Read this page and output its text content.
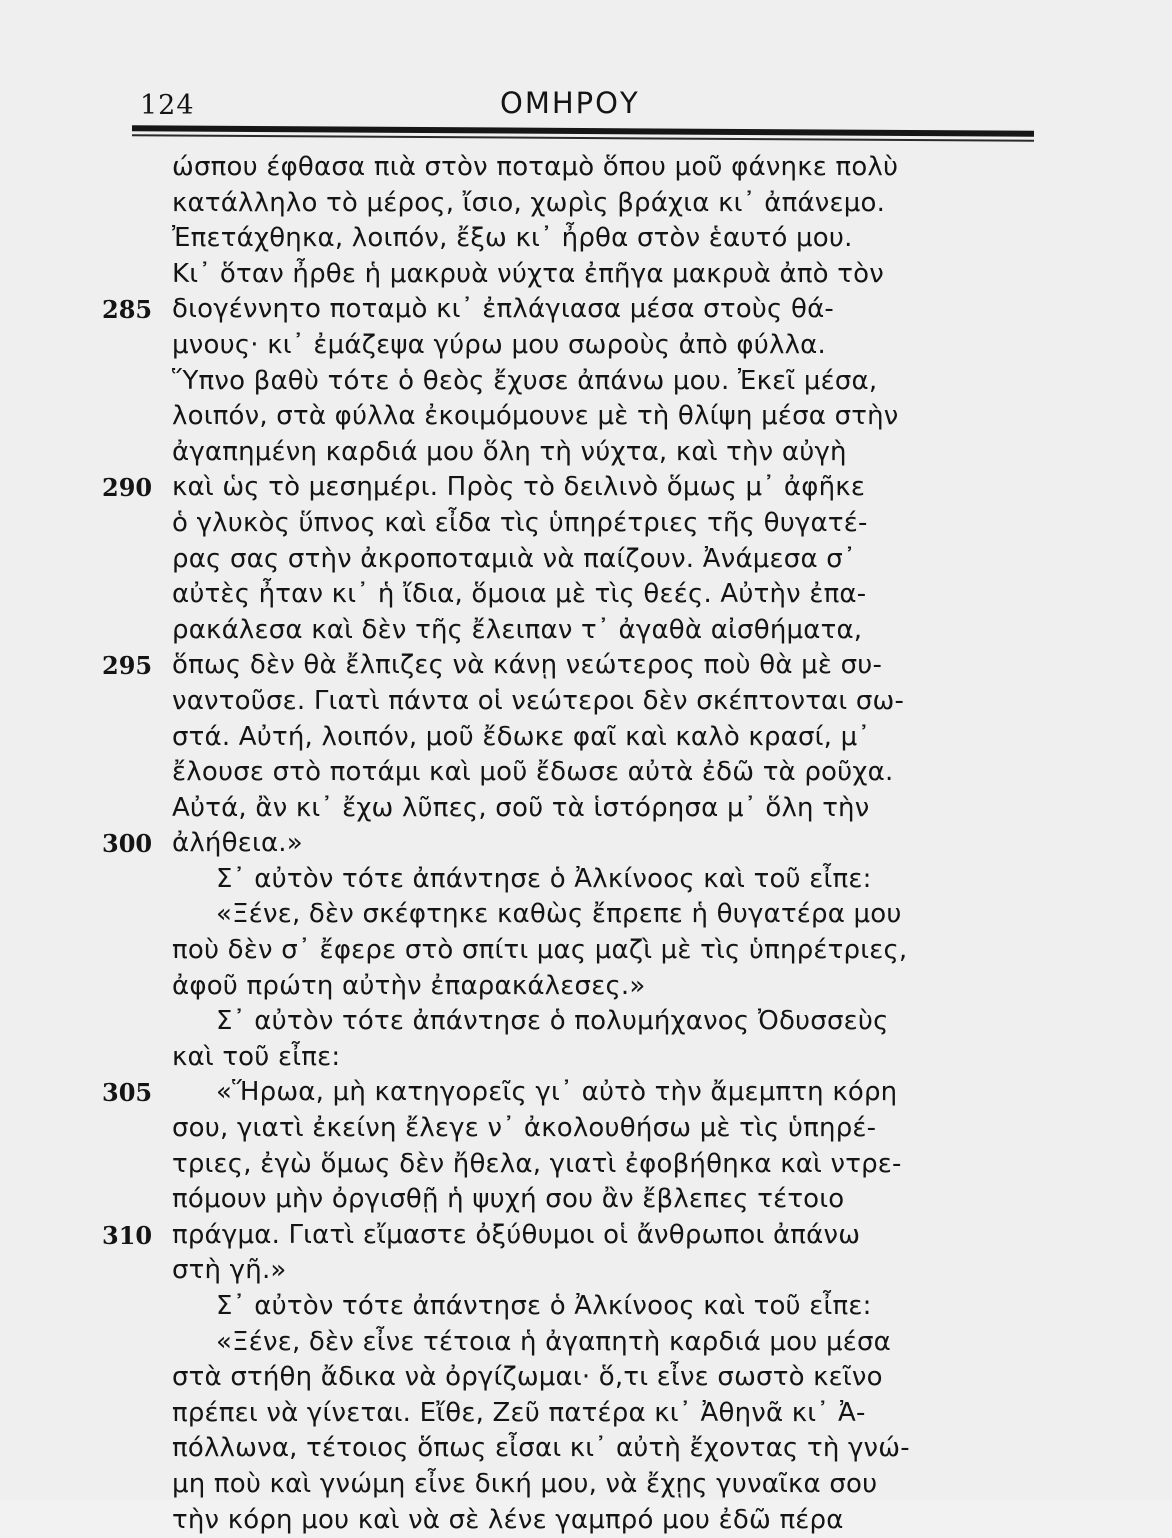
124	ΟΜΗΡΟΥ
285
290
295
300
305
310
ώσπου έφθασα πιὰ στὸν ποταμὸ ὅπου μοῦ φάνηκε πολὺ
κατάλληλο τὸ μέρος, ἴσιο, χωρὶς βράχια κι᾽ ἀπάνεμο.
Ἐπετάχθηκα, λοιπόν, ἔξω κι᾽ ἦρθα στὸν ἑαυτό μου.
Κι᾽ ὅταν ἦρθε ἡ μακρυὰ νύχτα ἐπῆγα μακρυὰ ἀπὸ τὸν
διογέννητο ποταμὸ κι᾽ ἐπλάγιασα μέσα στοὺς θά-
μνους· κι᾽ ἐμάζεψα γύρω μου σωροὺς ἀπὸ φύλλα.
Ὕπνο βαθὺ τότε ὁ θεὸς ἔχυσε ἀπάνω μου. Ἐκεῖ μέσα,
λοιπόν, στὰ φύλλα ἐκοιμόμουνε μὲ τὴ θλίψη μέσα στὴν
ἀγαπημένη καρδιά μου ὅλη τὴ νύχτα, καὶ τὴν αὐγὴ
καὶ ὡς τὸ μεσημέρι. Πρὸς τὸ δειλινὸ ὅμως μ᾽ ἀφῆκε
ὁ γλυκὸς ὕπνος καὶ εἶδα τὶς ὑπηρέτριες τῆς θυγατέ-
ρας σας στὴν ἀκροποταμιὰ νὰ παίζουν. Ἀνάμεσα σ᾽
αὐτὲς ἦταν κι᾽ ἡ ἴδια, ὅμοια μὲ τὶς θεές. Αὐτὴν ἐπα-
ρακάλεσα καὶ δὲν τῆς ἔλειπαν τ᾽ ἀγαθὰ αἰσθήματα,
ὅπως δὲν θὰ ἔλπιζες νὰ κάνῃ νεώτερος ποὺ θὰ μὲ συ-
ναντοῦσε. Γιατὶ πάντα οἱ νεώτεροι δὲν σκέπτονται σω-
στά. Αὐτή, λοιπόν, μοῦ ἔδωκε φαῖ καὶ καλὸ κρασί, μ᾽
ἔλουσε στὸ ποτάμι καὶ μοῦ ἔδωσε αὐτὰ ἐδῶ τὰ ροῦχα.
Αὐτά, ἂν κι᾽ ἔχω λῦπες, σοῦ τὰ ἱστόρησα μ᾽ ὅλη τὴν
ἀλήθεια.»
Σ᾽ αὐτὸν τότε ἀπάντησε ὁ Ἀλκίνοος καὶ τοῦ εἶπε:
«Ξένε, δὲν σκέφτηκε καθὼς ἔπρεπε ἡ θυγατέρα μου
ποὺ δὲν σ᾽ ἔφερε στὸ σπίτι μας μαζὶ μὲ τὶς ὑπηρέτριες,
ἀφοῦ πρώτη αὐτὴν ἐπαρακάλεσες.»
Σ᾽ αὐτὸν τότε ἀπάντησε ὁ πολυμήχανος Ὀδυσσεὺς
καὶ τοῦ εἶπε:
«Ἥρωα, μὴ κατηγορεῖς γι᾽ αὐτὸ τὴν ἄμεμπτη κόρη
σου, γιατὶ ἐκείνη ἔλεγε ν᾽ ἀκολουθήσω μὲ τὶς ὑπηρέ-
τριες, ἐγὼ ὅμως δὲν ἤθελα, γιατὶ ἐφοβήθηκα καὶ ντρε-
πόμουν μὴν ὀργισθῇ ἡ ψυχή σου ἂν ἔβλεπες τέτοιο
πράγμα. Γιατὶ εἴμαστε ὀξύθυμοι οἱ ἄνθρωποι ἀπάνω
στὴ γῆ.»
Σ᾽ αὐτὸν τότε ἀπάντησε ὁ Ἀλκίνοος καὶ τοῦ εἶπε:
«Ξένε, δὲν εἶνε τέτοια ἡ ἀγαπητὴ καρδιά μου μέσα
στὰ στήθη ἄδικα νὰ ὀργίζωμαι· ὅ,τι εἶνε σωστὸ κεῖνο
πρέπει νὰ γίνεται. Εἴθε, Ζεῦ πατέρα κι᾽ Ἀθηνᾶ κι᾽ Ἀ-
πόλλωνα, τέτοιος ὅπως εἶσαι κι᾽ αὐτὴ ἔχοντας τὴ γνώ-
μη ποὺ καὶ γνώμη εἶνε δική μου, νὰ ἔχῃς γυναῖκα σου
τὴν κόρη μου καὶ νὰ σὲ λένε γαμπρό μου ἐδῶ πέρα
